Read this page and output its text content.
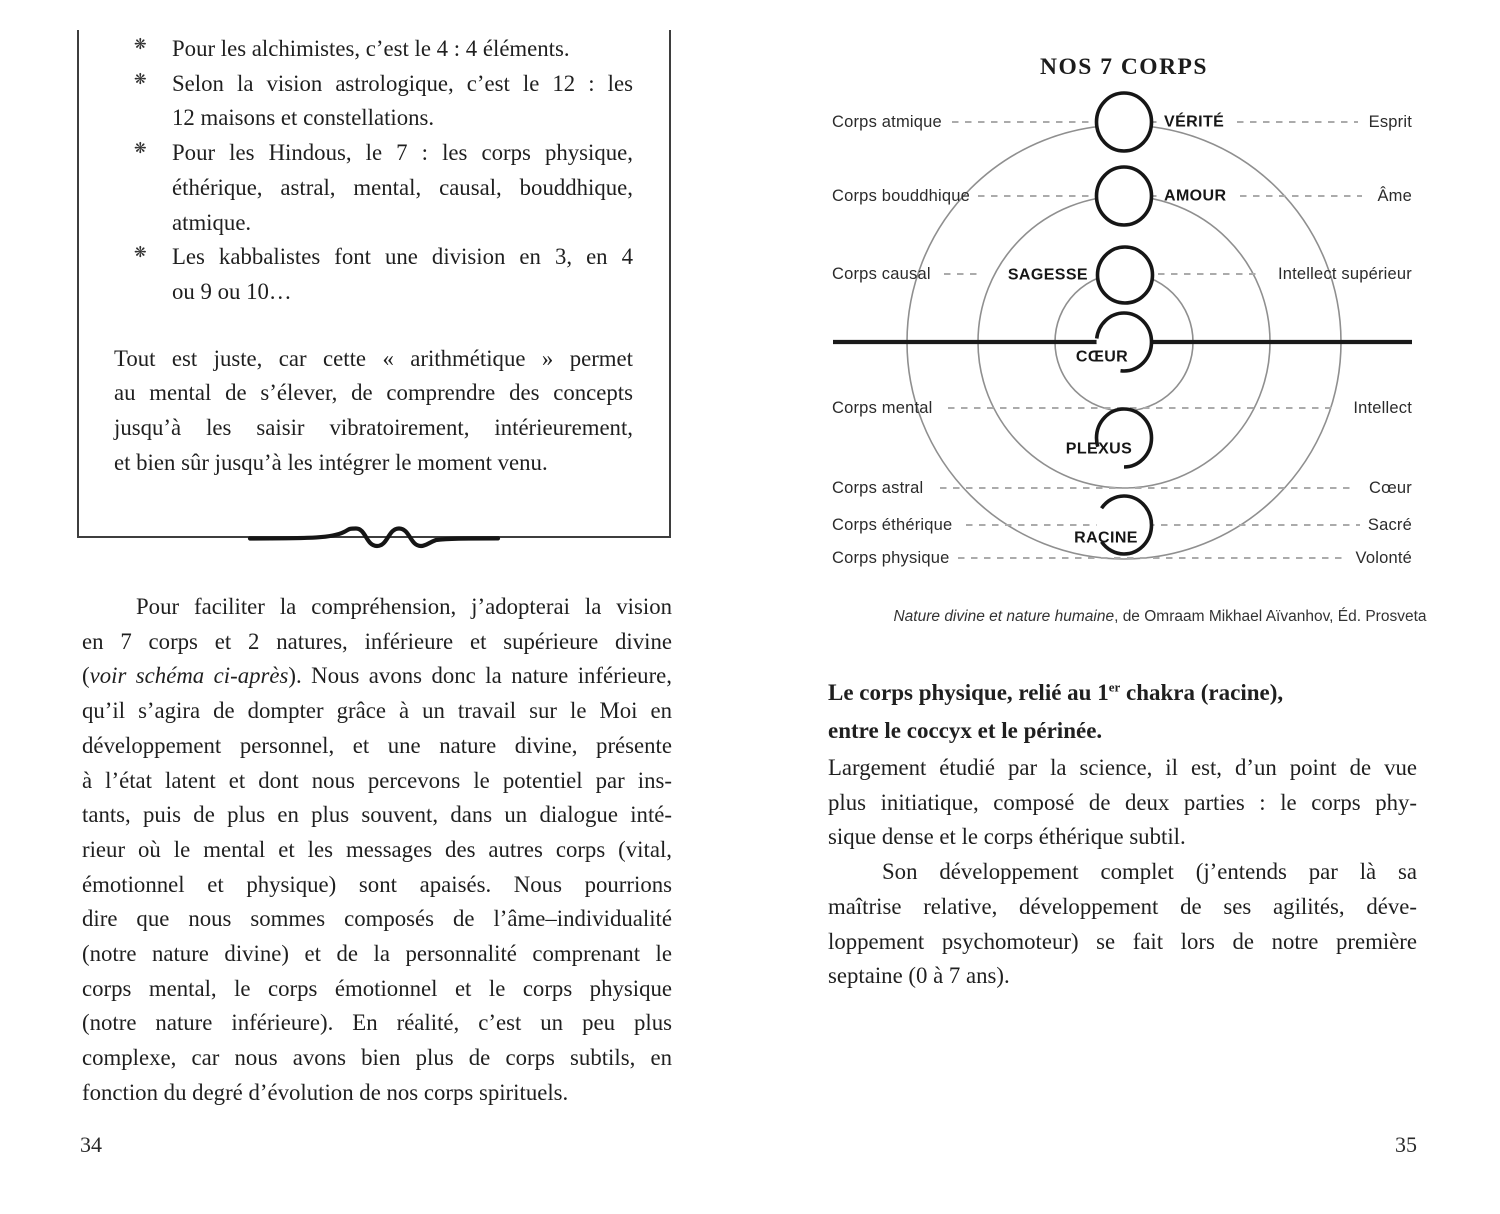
❋ Pour les alchimistes, c’est le 4 : 4 éléments.
❋ Selon la vision astrologique, c’est le 12 : les
12 maisons et constellations.
❋ Pour les Hindous, le 7 : les corps physique,
éthérique, astral, mental, causal, bouddhique,
atmique.
❋ Les kabbalistes font une division en 3, en 4
ou 9 ou 10…
Tout est juste, car cette « arithmétique » permet
au mental de s’élever, de comprendre des concepts
jusqu’à les saisir vibratoirement, intérieurement,
et bien sûr jusqu’à les intégrer le moment venu.
Pour faciliter la compréhension, j’adopterai la vision
en 7 corps et 2 natures, inférieure et supérieure divine
(voir schéma ci-après). Nous avons donc la nature inférieure,
qu’il s’agira de dompter grâce à un travail sur le Moi en
développement personnel, et une nature divine, présente
à l’état latent et dont nous percevons le potentiel par ins-
tants, puis de plus en plus souvent, dans un dialogue inté-
rieur où le mental et les messages des autres corps (vital,
émotionnel et physique) sont apaisés. Nous pourrions
dire que nous sommes composés de l’âme–individualité
(notre nature divine) et de la personnalité comprenant le
corps mental, le corps émotionnel et le corps physique
(notre nature inférieure). En réalité, c’est un peu plus
complexe, car nous avons bien plus de corps subtils, en
fonction du degré d’évolution de nos corps spirituels.
34
NOS 7 CORPS
Corps atmique
Corps bouddhique
Corps causal
Corps mental
Corps astral
Corps éthérique
Corps physique
Esprit
Âme
Intellect supérieur
Intellect
Cœur
Sacré
Volonté
VÉRITÉ
AMOUR
SAGESSE
CŒUR
PLEXUS
RACINE
Nature divine et nature humaine, de Omraam Mikhael Aïvanhov, Éd. Prosveta
Le corps physique, relié au 1er chakra (racine),
entre le coccyx et le périnée.
Largement étudié par la science, il est, d’un point de vue
plus initiatique, composé de deux parties : le corps phy-
sique dense et le corps éthérique subtil.
Son développement complet (j’entends par là sa
maîtrise relative, développement de ses agilités, déve-
loppement psychomoteur) se fait lors de notre première
septaine (0 à 7 ans).
35
